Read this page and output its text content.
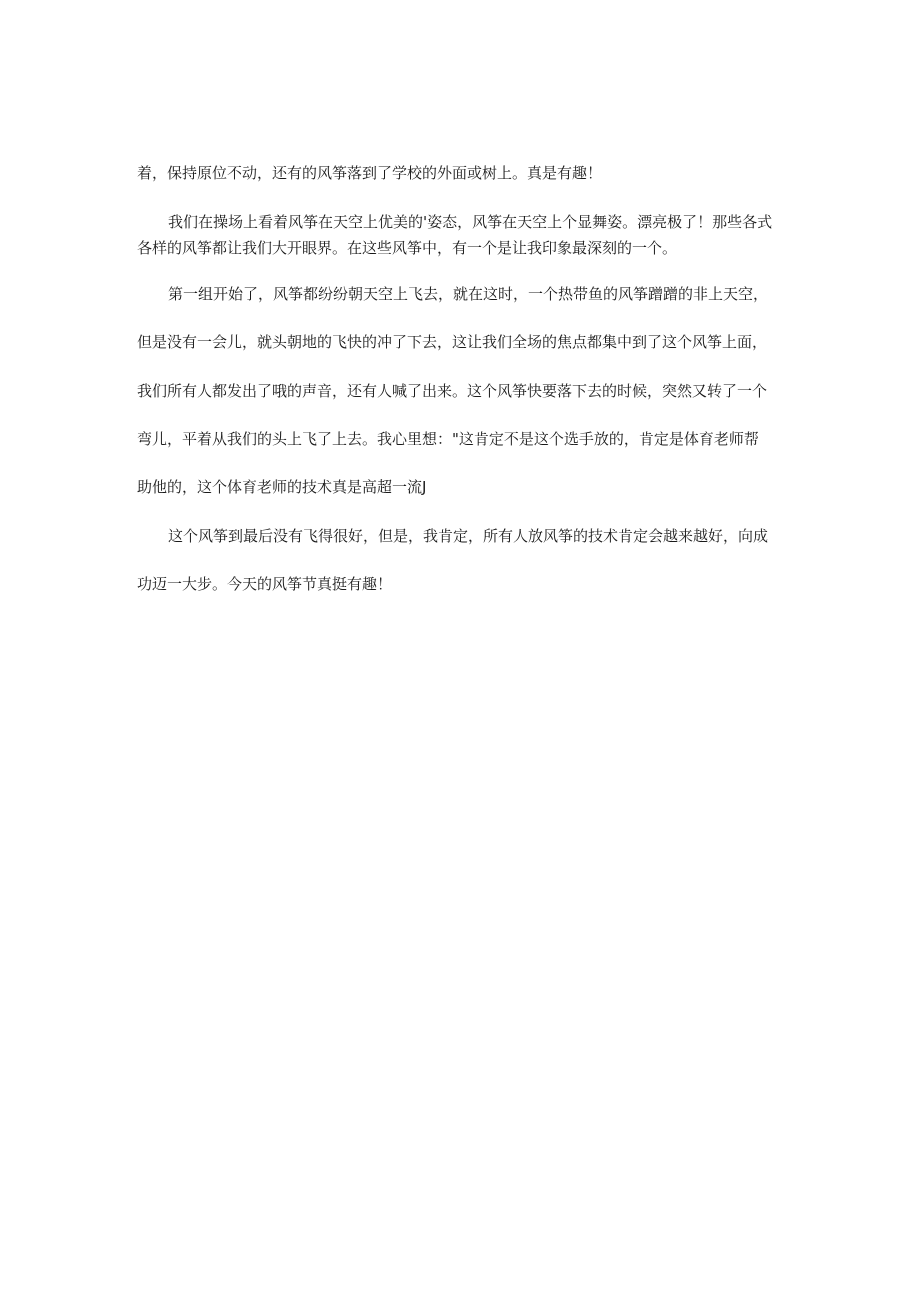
着，保持原位不动，还有的风筝落到了学校的外面或树上。真是有趣！
我们在操场上看着风筝在天空上优美的'姿态，风筝在天空上个显舞姿。漂亮极了！那些各式
各样的风筝都让我们大开眼界。在这些风筝中，有一个是让我印象最深刻的一个。
第一组开始了，风筝都纷纷朝天空上飞去，就在这时，一个热带鱼的风筝蹭蹭的非上天空，
但是没有一会儿，就头朝地的飞快的冲了下去，这让我们全场的焦点都集中到了这个风筝上面，
我们所有人都发出了哦的声音，还有人喊了出来。这个风筝快要落下去的时候，突然又转了一个
弯儿，平着从我们的头上飞了上去。我心里想："这肯定不是这个选手放的，肯定是体育老师帮
助他的，这个体育老师的技术真是高超一流J
这个风筝到最后没有飞得很好，但是，我肯定，所有人放风筝的技术肯定会越来越好，向成
功迈一大步。今天的风筝节真挺有趣！
